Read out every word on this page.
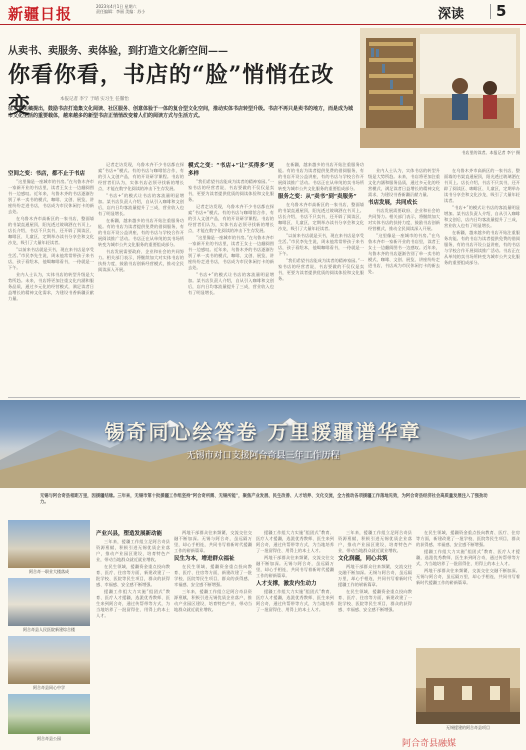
新疆日报	2023年4月1日 星期六
责任编辑：李丽 美编：苏小	深读 5
从卖书、卖服务、卖体验，到打造文化新空间——
你看你看，书店的“脸”悄悄在改变	本报记者 李宁 于晴 实习生 任馨怡
征求意见稿提出，鼓励书店打造集文化阅读、社区服务、创意体验于一体的复合型文化空间，推动实体书店转型升级。书店不再只是卖书的地方，而是成为城市文化生活的重要载体，越来越多的新型书店正悄悄改变着人们的阅读方式与生活方式。
书店里的读者。本报记者 李宁 摄

空间之变：书店，都不止于书店

“这里像是一座城市的书房。”在乌鲁木齐市一家新开业的书店里，读者王女士一边翻阅图书一边感叹。近年来，乌鲁木齐的书店逐渐告别了单一卖书的模式，咖啡、文创、展览、讲座纷纷走进书店，书店成为市民休闲打卡的新去处。

在乌鲁木齐市高新区的一家书店，整面墙的书架直通屋顶，阳光透过玻璃洒在书页上。店长介绍，书店不只卖书，还开辟了阅读区、咖啡区、儿童区，定期举办读书分享会和文化沙龙，吸引了大量年轻读者。

“以前来书店就是买书，现在来书店是享受生活。”市民李先生说，周末他常常带孩子来书店，孩子看绘本，他喝咖啡看书，一待就是一下午。

业内人士认为，实体书店的转型升级是大势所趋。未来，书店将更加注重文化内涵和服务品质，通过多元化的经营模式，满足读者日益增长的精神文化需求，为建设书香新疆贡献力量。

记者走访发现，乌鲁木齐不少书店都在探索“书店+”模式。有的书店与咖啡馆合作，有的引入文创产品，有的开设研学课程。书店的经营者们认为，实体书店必须寻找新的增长点，才能在数字化阅读的冲击下生存发展。

“书店+”的模式让书店的客流量明显增加。某书店负责人介绍，自从引入咖啡和文创后，店内日均客流量提升了三成，营业收入也有了明显增长。

在新疆，越来越多的书店开始注重服务功能。有的书店为读者提供免费的借阅服务，有的书店开设公益讲座，有的书店与学校合作开展阅读推广活动。书店正在从单纯的卖书场所转变为城市公共文化服务的重要组成部分。

书店发展需要政府、企业和社会的共同努力。相关部门表示，将继续加大对实体书店的扶持力度，鼓励书店创新经营模式，推动全民阅读深入开展。

模式之变：“书店+”让“买得多”更多样

“我们希望书店能成为读者的精神家园。”一家书店的经营者说，书店要做的不仅仅是卖书，更要为读者提供优质的阅读体验和文化服务。

记者走访发现，乌鲁木齐不少书店都在探索“书店+”模式。有的书店与咖啡馆合作，有的引入文创产品，有的开设研学课程。书店的经营者们认为，实体书店必须寻找新的增长点，才能在数字化阅读的冲击下生存发展。

“这里像是一座城市的书房。”在乌鲁木齐市一家新开业的书店里，读者王女士一边翻阅图书一边感叹。近年来，乌鲁木齐的书店逐渐告别了单一卖书的模式，咖啡、文创、展览、讲座纷纷走进书店，书店成为市民休闲打卡的新去处。

“书店+”的模式让书店的客流量明显增加。某书店负责人介绍，自从引入咖啡和文创后，店内日均客流量提升了三成，营业收入也有了明显增长。

在新疆，越来越多的书店开始注重服务功能。有的书店为读者提供免费的借阅服务，有的书店开设公益讲座，有的书店与学校合作开展阅读推广活动。书店正在从单纯的卖书场所转变为城市公共文化服务的重要组成部分。

服务之变：从“卖书”到“卖服务”

在乌鲁木齐市高新区的一家书店，整面墙的书架直通屋顶，阳光透过玻璃洒在书页上。店长介绍，书店不只卖书，还开辟了阅读区、咖啡区、儿童区，定期举办读书分享会和文化沙龙，吸引了大量年轻读者。

“以前来书店就是买书，现在来书店是享受生活。”市民李先生说，周末他常常带孩子来书店，孩子看绘本，他喝咖啡看书，一待就是一下午。

“我们希望书店能成为读者的精神家园。”一家书店的经营者说，书店要做的不仅仅是卖书，更要为读者提供优质的阅读体验和文化服务。

业内人士认为，实体书店的转型升级是大势所趋。未来，书店将更加注重文化内涵和服务品质，通过多元化的经营模式，满足读者日益增长的精神文化需求，为建设书香新疆贡献力量。

书店发展，共同成长

书店发展需要政府、企业和社会的共同努力。相关部门表示，将继续加大对实体书店的扶持力度，鼓励书店创新经营模式，推动全民阅读深入开展。

“这里像是一座城市的书房。”在乌鲁木齐市一家新开业的书店里，读者王女士一边翻阅图书一边感叹。近年来，乌鲁木齐的书店逐渐告别了单一卖书的模式，咖啡、文创、展览、讲座纷纷走进书店，书店成为市民休闲打卡的新去处。

在乌鲁木齐市高新区的一家书店，整面墙的书架直通屋顶，阳光透过玻璃洒在书页上。店长介绍，书店不只卖书，还开辟了阅读区、咖啡区、儿童区，定期举办读书分享会和文化沙龙，吸引了大量年轻读者。

“书店+”的模式让书店的客流量明显增加。某书店负责人介绍，自从引入咖啡和文创后，店内日均客流量提升了三成，营业收入也有了明显增长。

在新疆，越来越多的书店开始注重服务功能。有的书店为读者提供免费的借阅服务，有的书店开设公益讲座，有的书店与学校合作开展阅读推广活动。书店正在从单纯的卖书场所转变为城市公共文化服务的重要组成部分。

锡奇同心绘答卷 万里援疆谱华章
无锡市对口支援阿合奇县三年工作历程
无锡与阿合奇县相距万里，因援疆结缘。三年来，无锡市第十批援疆工作组坚持“阿合奇所需、无锡所能”，聚焦产业发展、民生改善、人才培养、文化交流，全力推动各项援疆工作落地见效，为阿合奇县经济社会高质量发展注入了强劲动力。
阿合奇一职业大楼落成
阿合奇县人民医院新建综合楼
阿合奇县同心中学
阿合奇县公园

产业兴县，塑造发展新动能

三年来，援疆工作组立足阿合奇县资源禀赋，积极引进无锡优质企业落户，推动产业园区建设，培育特色产业，带动当地群众就近就业增收。

在民生领域，援疆资金重点投向教育、医疗、住房等方面，新建改建了一批学校、医院等民生项目，群众的获得感、幸福感、安全感不断增强。

援疆工作组大力实施“组团式”教育、医疗人才援疆，选派优秀教师、医生来到阿合奇，通过传帮带等方式，为当地培养了一批留得住、用得上的本土人才。

两地干部群众往来频繁，交流交往交融不断加深。无锡与阿合奇，虽远隔万里，却心手相连，共同书写着新时代援疆工作的崭新篇章。

民生为本，增进群众福祉

在民生领域，援疆资金重点投向教育、医疗、住房等方面，新建改建了一批学校、医院等民生项目，群众的获得感、幸福感、安全感不断增强。

三年来，援疆工作组立足阿合奇县资源禀赋，积极引进无锡优质企业落户，推动产业园区建设，培育特色产业，带动当地群众就近就业增收。

援疆工作组大力实施“组团式”教育、医疗人才援疆，选派优秀教师、医生来到阿合奇，通过传帮带等方式，为当地培养了一批留得住、用得上的本土人才。

两地干部群众往来频繁，交流交往交融不断加深。无锡与阿合奇，虽远隔万里，却心手相连，共同书写着新时代援疆工作的崭新篇章。

人才支撑，激发内生动力

援疆工作组大力实施“组团式”教育、医疗人才援疆，选派优秀教师、医生来到阿合奇，通过传帮带等方式，为当地培养了一批留得住、用得上的本土人才。

三年来，援疆工作组立足阿合奇县资源禀赋，积极引进无锡优质企业落户，推动产业园区建设，培育特色产业，带动当地群众就近就业增收。

文化润疆，同心共筑

两地干部群众往来频繁，交流交往交融不断加深。无锡与阿合奇，虽远隔万里，却心手相连，共同书写着新时代援疆工作的崭新篇章。

在民生领域，援疆资金重点投向教育、医疗、住房等方面，新建改建了一批学校、医院等民生项目，群众的获得感、幸福感、安全感不断增强。

在民生领域，援疆资金重点投向教育、医疗、住房等方面，新建改建了一批学校、医院等民生项目，群众的获得感、幸福感、安全感不断增强。

援疆工作组大力实施“组团式”教育、医疗人才援疆，选派优秀教师、医生来到阿合奇，通过传帮带等方式，为当地培养了一批留得住、用得上的本土人才。

两地干部群众往来频繁，交流交往交融不断加深。无锡与阿合奇，虽远隔万里，却心手相连，共同书写着新时代援疆工作的崭新篇章。

无锡援建的阿合奇县项目
阿合奇县融媒
